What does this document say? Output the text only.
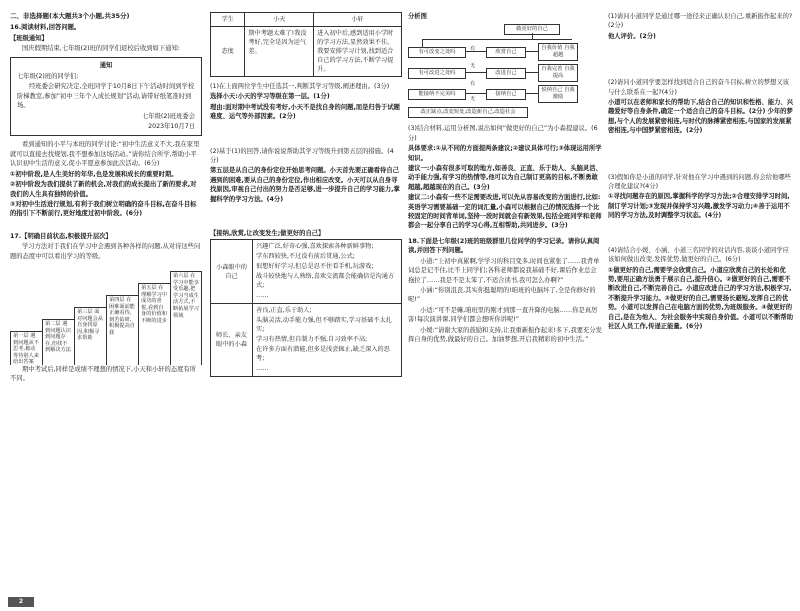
二、非选择题(本大题共3个小题,共35分)

16.阅读材料,回答问题。

【班级通知】

国庆假期结束,七年级(2)班的同学们返校后收到如下通知:

通知

七年级(2)班的同学们:

经班委会研究决定,全班同学于10月8日下午活动时间到学校阶梯教室,参加“初中三年个人成长规划”活动,请带好纸笔准时到场。

七年级(2)班班委会

2023年10月7日

看到通知的小平与本班的同学讨论:“初中生活意义不大,我在家里就可以直接去找规划,我不想参加这场活动。”请你结合所学,帮助小平认识初中生活的意义,促小平愿意参加此次活动。(6分)

①初中阶段,是人生美好的年华,也是发展和成长的重要时期。

②初中阶段为我们提供了新的机会,对我们的成长提出了新的要求,对我们的人生具有独特的价值。

③对初中生活进行规划,有利于我们树立明确的奋斗目标,在奋斗目标的指引下不断前行,更好地度过初中阶段。(6分)

17.【明确目前状态,积极提升层次】

学习方法对于我们在学习中会遇到各种各样的问题,从对待这些问题的态度中可以看出学习的等级。

第一层 遇到问题从不思考,被动等待别人来给出答案
第二层 遇到问题认识到问题存在,但找不到解决方法
第三层 面对问题会从自身找原因,积极寻求帮助
第四层 在困难面前能正确看待,刻苦钻研,积极提高自我
第五层 在理解学习中成功的喜悦,看到自身的价值和不断的进步
第六层 在学习中能享受乐趣,把学习当成生活方式,不断拓展学习领域

期中考试后,同样是成绩不理想的情况下,小天和小轩的态度有所不同。

学生	小天	小轩
态度	期中考题太难了!我没考好,完全是因为运气差。	进入初中后,感到适用小学时的学习方法,显然效果不佳。我要安排学习计划,找到适合自己的学习方法,不断学习提升。

(1)在上面两位学生中任选其一,判断其学习等级,阐述理由。(3分)

选择小天:小天的学习等级在第一层。(1分)

理由:面对期中考试没有考好,小天不是找自身的问题,而是归咎于试题难度、运气等外部因素。(2分)

(2)基于(1)的回答,请你说说帮助其学习等级升到第五层的措施。(4分)

第五层是从自己的身份定位开始思考问题。小天首先要正确看待自己遇到的困难,要从自己的身份定位,作出相应改变。小天可以从自身寻找原因,审视自己付出的努力是否足够,进一步提升自己的学习能力,掌握科学的学习方法。(4分)

【接纳,欣赏,让改变发生;做更好的自己】

小森眼中的自己	兴趣广泛,好奇心强,喜欢探索各种新鲜事物;

学东西较快,不过没有前后贯通,公式;

很想好好学习,但总是忍不住看手机,玩游戏;

战斗较快地与人熟络,喜欢交流都会能确信是沟通方式;

……

师长、亲友眼中的小森	善良,正直,乐于助人;

头脑灵活,动手能力强,但不够踏实,学习基础不太扎实;

学习有热情,但自制力不强,自习效率不高;

在许多方面有潜能,但多是浅尝辄止,缺乏深入的思考;

……

分析图

做更好的自己
有可改变之处吗
有可改进之处吗
能接纳不完美吗
有
无
有
无
欣赏自己
改进自己
接纳自己
自我价值 自我超越
自我完善 自我提高
悦纳自己 自我激励
改正缺点,改变短处,改造新自己,改造社会

(3)结合材料,运用分析图,说出如何“做更好的自己”为小森提建议。(6分)

具体要求:①从不同的方面提两条建议;②建议具体可行;③体现运用所学知识。

建议一:小森有很多可取的地方,如善良、正直、乐于助人、头脑灵活、动手能力强,有学习的热情等,他可以为自己制订更高的目标,不断勇敢超越,超越现在的自己。(3分)

建议二:小森有一些不足需要改进,可以先从容易改变的方面进行,比如:英语学习需要基础一定的词汇量,小森可以根据自己的情况选择一个比较固定的时间背单词,坚持一段时间就会有新效果,包括全班同学和老师都会一起分享自己的学习心得,互相帮助,共同进步。(3分)

18.下面是七年级(2)班的班级群里几位同学的学习记录。请你认真阅读,并回答下列问题。

小道:“上初中真累啊,学学习的科目变多,时间也紧张了……我背单词总是记不住,比不上同学们;各科老师都说我基础不好,课后作业总会拖拉了……我是不是太笨了,不适合读书,我可怎么办啊?”

小涵:“你别沮丧,其实你挺聪明的!咱班的电脑坏了,全是你修好的呢!”

小适:“可不是嘛,咱班里的刚才到那一直升降的电脑……你是真厉害!每次演讲课,同学们都会想听你讲呢!”

小媛:“请谢大家的鼓励和支持,让我重新振作起来!多下,我要充分发挥自身的优势,做最好的自己。加油梦想,开启我精彩的初中生活。”

(1)请问小道同学是通过哪一途径来正确认识自己,重新振作起来的?(2分)

他人评价。(2分)

(2)请问小道同学要怎样找到适合自己的奋斗目标,树立的梦想又该与什么联系在一起?(4分)

小道可以在老师和家长的帮助下,结合自己的知识和性格、能力、兴趣爱好等自身条件,确定一个适合自己的奋斗目标。(2分) 少年的梦想,与个人的发展紧密相连,与时代的脉搏紧密相连,与国家的发展紧密相连,与中国梦紧密相连。(2分)

(3)假如你是小道的同学,针对他在学习中遇到的问题,你会给他哪些合理化建议?(4分)

①寻找问题存在的原因,掌握科学的学习方法;②合理安排学习时间,制订学习计划;③发现并保持学习兴趣,激发学习动力;④善于运用不同的学习方法,及时调整学习状态。(4分)

(4)请结合小媛、小涵、小道三名同学的对话内容,谈谈小道同学应该如何做出改变,发挥优势,做更好的自己。(6分)

①做更好的自己,需要学会欣赏自己。小道应欣赏自己的长处和优势,要用正确方法勇于展示自己,提升信心。②做更好的自己,需要不断改进自己,不断完善自己。小道应改进自己的学习方法,积极学习,不断提升学习能力。③做更好的自己,需要扬长避短,发挥自己的优势。小道可以发挥自己在电脑方面的优势,为班级服务。④做更好的自己,是在为他人、为社会服务中实现自身价值。小道可以不断帮助社区人员工作,传递正能量。(6分)

2
